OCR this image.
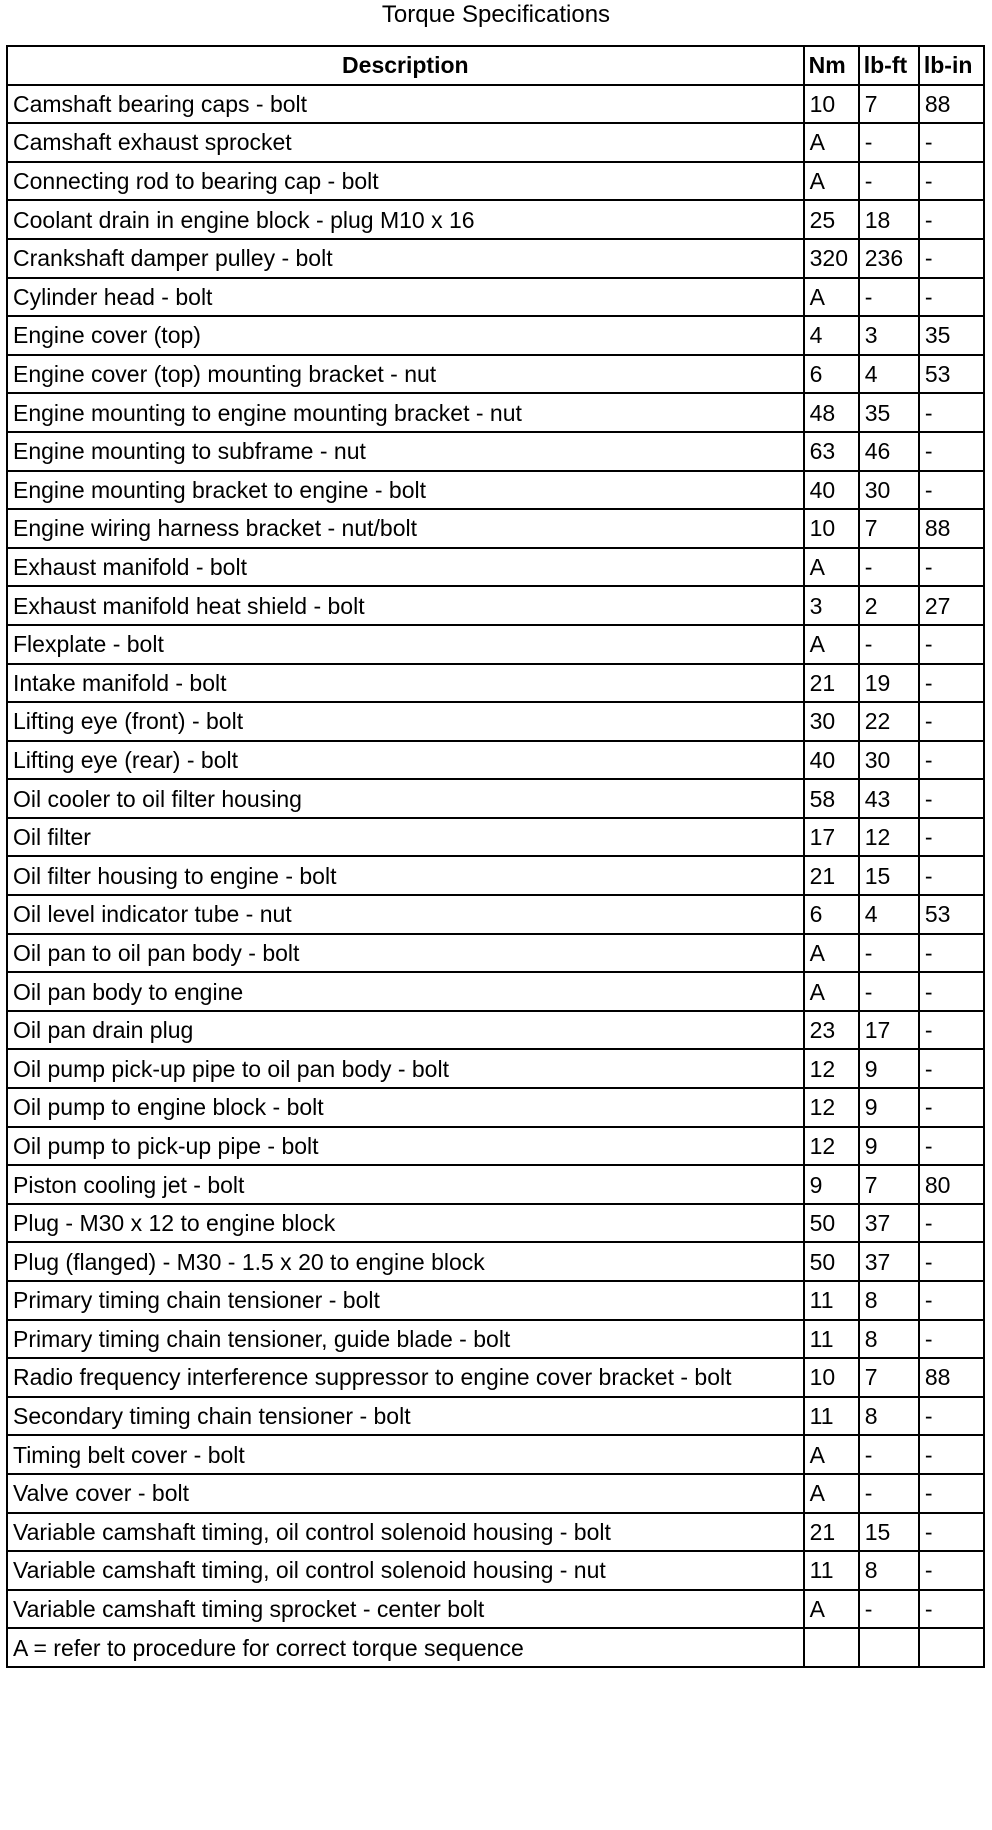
Torque Specifications
Description	Nm	lb-ft	lb-in
Camshaft bearing caps - bolt	10	7	88
Camshaft exhaust sprocket	A	-	-
Connecting rod to bearing cap - bolt	A	-	-
Coolant drain in engine block - plug M10 x 16	25	18	-
Crankshaft damper pulley - bolt	320	236	-
Cylinder head - bolt	A	-	-
Engine cover (top)	4	3	35
Engine cover (top) mounting bracket - nut	6	4	53
Engine mounting to engine mounting bracket - nut	48	35	-
Engine mounting to subframe - nut	63	46	-
Engine mounting bracket to engine - bolt	40	30	-
Engine wiring harness bracket - nut/bolt	10	7	88
Exhaust manifold - bolt	A	-	-
Exhaust manifold heat shield - bolt	3	2	27
Flexplate - bolt	A	-	-
Intake manifold - bolt	21	19	-
Lifting eye (front) - bolt	30	22	-
Lifting eye (rear) - bolt	40	30	-
Oil cooler to oil filter housing	58	43	-
Oil filter	17	12	-
Oil filter housing to engine - bolt	21	15	-
Oil level indicator tube - nut	6	4	53
Oil pan to oil pan body - bolt	A	-	-
Oil pan body to engine	A	-	-
Oil pan drain plug	23	17	-
Oil pump pick-up pipe to oil pan body - bolt	12	9	-
Oil pump to engine block - bolt	12	9	-
Oil pump to pick-up pipe - bolt	12	9	-
Piston cooling jet - bolt	9	7	80
Plug - M30 x 12 to engine block	50	37	-
Plug (flanged) - M30 - 1.5 x 20 to engine block	50	37	-
Primary timing chain tensioner - bolt	11	8	-
Primary timing chain tensioner, guide blade - bolt	11	8	-
Radio frequency interference suppressor to engine cover bracket - bolt	10	7	88
Secondary timing chain tensioner - bolt	11	8	-
Timing belt cover - bolt	A	-	-
Valve cover - bolt	A	-	-
Variable camshaft timing, oil control solenoid housing - bolt	21	15	-
Variable camshaft timing, oil control solenoid housing - nut	11	8	-
Variable camshaft timing sprocket - center bolt	A	-	-
A = refer to procedure for correct torque sequence			
